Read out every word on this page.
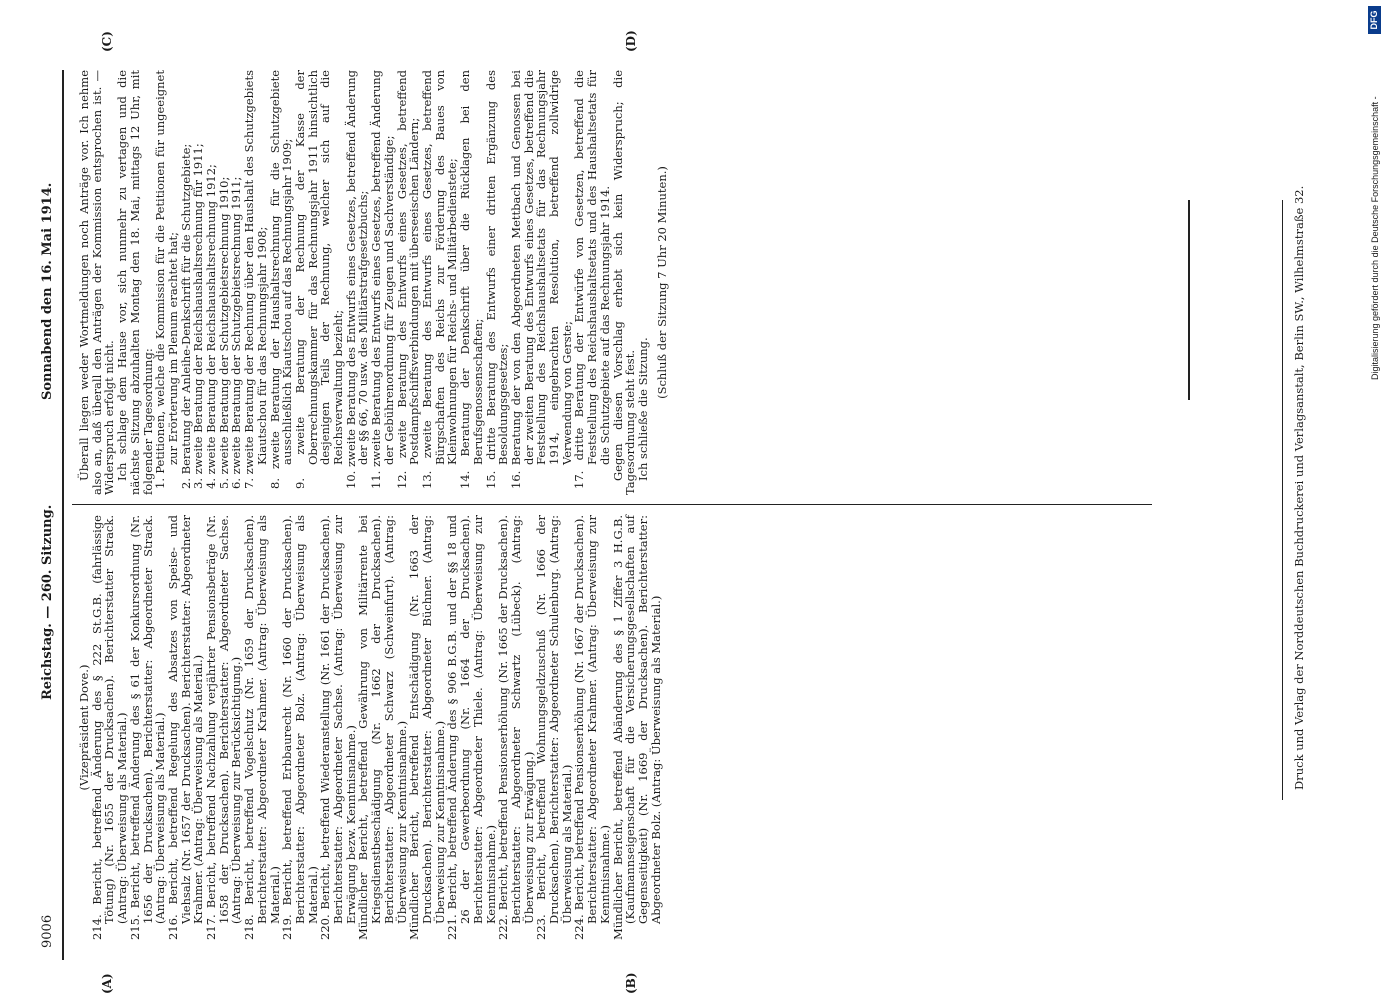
9006
Reichstag. — 260. Sitzung.
Sonnabend den 16. Mai 1914.
(A)	(B)
(C)	(D)

(Vizepräsident Dove.)

214. Bericht, betreffend Änderung des § 222 St.G.B. (fahrlässige Tötung) (Nr. 1655 der Drucksachen). Berichterstatter Strack. (Antrag: Überweisung als Material.)

215. Bericht, betreffend Änderung des § 61 der Konkursordnung (Nr. 1656 der Drucksachen). Berichterstatter: Abgeordneter Strack. (Antrag: Überweisung als Material.)

216. Bericht, betreffend Regelung des Absatzes von Speise- und Viehsalz (Nr. 1657 der Drucksachen). Berichterstatter: Abgeordneter Krahmer. (Antrag: Überweisung als Material.)

217. Bericht, betreffend Nachzahlung verjährter Pensionsbeträge (Nr. 1658 der Drucksachen). Berichterstatter: Abgeordneter Sachse. (Antrag: Überweisung zur Berücksichtigung.)

218. Bericht, betreffend Vogelschutz (Nr. 1659 der Drucksachen). Berichterstatter: Abgeordneter Krahmer. (Antrag: Überweisung als Material.)

219. Bericht, betreffend Erbbaurecht (Nr. 1660 der Drucksachen). Berichterstatter: Abgeordneter Bolz. (Antrag: Überweisung als Material.)

220. Bericht, betreffend Wiederanstellung (Nr. 1661 der Drucksachen). Berichterstatter: Abgeordneter Sachse. (Antrag: Überweisung zur Erwägung bezw. Kenntnisnahme.)

Mündlicher Bericht, betreffend Gewährung von Militärrente bei Kriegsdienstbeschädigung (Nr. 1662 der Drucksachen). Berichterstatter: Abgeordneter Schwarz (Schweinfurt). (Antrag: Überweisung zur Kenntnisnahme.)

Mündlicher Bericht, betreffend Entschädigung (Nr. 1663 der Drucksachen). Berichterstatter: Abgeordneter Büchner. (Antrag: Überweisung zur Kenntnisnahme.)

221. Bericht, betreffend Änderung des § 906 B.G.B. und der §§ 18 und 26 der Gewerbeordnung (Nr. 1664 der Drucksachen). Berichterstatter: Abgeordneter Thiele. (Antrag: Überweisung zur Kenntnisnahme.)

222. Bericht, betreffend Pensionserhöhung (Nr. 1665 der Drucksachen). Berichterstatter: Abgeordneter Schwartz (Lübeck). (Antrag: Überweisung zur Erwägung.)

223. Bericht, betreffend Wohnungsgeldzuschuß (Nr. 1666 der Drucksachen). Berichterstatter: Abgeordneter Schulenburg. (Antrag: Überweisung als Material.)

224. Bericht, betreffend Pensionserhöhung (Nr. 1667 der Drucksachen). Berichterstatter: Abgeordneter Krahmer. (Antrag: Überweisung zur Kenntnisnahme.)

Mündlicher Bericht, betreffend Abänderung des § 1 Ziffer 3 H.G.B. (Kaufmannseigenschaft für die Versicherungsgesellschaften auf Gegenseitigkeit) (Nr. 1669 der Drucksachen). Berichterstatter: Abgeordneter Bolz. (Antrag: Überweisung als Material.)

Überall liegen weder Wortmeldungen noch Anträge vor. Ich nehme also an, daß überall den Anträgen der Kommission entsprochen ist. — Widerspruch erfolgt nicht.

Ich schlage dem Hause vor, sich nunmehr zu vertagen und die nächste Sitzung abzuhalten Montag den 18. Mai, mittags 12 Uhr, mit folgender Tagesordnung:

1. Petitionen, welche die Kommission für die Petitionen für ungeeignet zur Erörterung im Plenum erachtet hat;

2. Beratung der Anleihe-Denkschrift für die Schutzgebiete;

3. zweite Beratung der Reichshaushaltsrechnung für 1911;

4. zweite Beratung der Reichshaushaltsrechnung 1912;

5. zweite Beratung der Schutzgebietsrechnung 1910;

6. zweite Beratung der Schutzgebietsrechnung 1911;

7. zweite Beratung der Rechnung über den Haushalt des Schutzgebiets Kiautschou für das Rechnungsjahr 1908;

8. zweite Beratung der Haushaltsrechnung für die Schutzgebiete ausschließlich Kiautschou auf das Rechnungsjahr 1909;

9. zweite Beratung der Rechnung der Kasse der Oberrechnungskammer für das Rechnungsjahr 1911 hinsichtlich desjenigen Teils der Rechnung, welcher sich auf die Reichsverwaltung bezieht;

10. zweite Beratung des Entwurfs eines Gesetzes, betreffend Änderung der §§ 66, 70 usw. des Militärstrafgesetzbuchs;

11. zweite Beratung des Entwurfs eines Gesetzes, betreffend Änderung der Gebührenordnung für Zeugen und Sachverständige;

12. zweite Beratung des Entwurfs eines Gesetzes, betreffend Postdampfschiffsverbindungen mit überseeischen Ländern;

13. zweite Beratung des Entwurfs eines Gesetzes, betreffend Bürgschaften des Reichs zur Förderung des Baues von Kleinwohnungen für Reichs- und Militärbedienstete;

14. Beratung der Denkschrift über die Rücklagen bei den Berufsgenossenschaften;

15. dritte Beratung des Entwurfs einer dritten Ergänzung des Besoldungsgesetzes;

16. Beratung der von den Abgeordneten Mettbach und Genossen bei der zweiten Beratung des Entwurfs eines Gesetzes, betreffend die Feststellung des Reichshaushaltsetats für das Rechnungsjahr 1914, eingebrachten Resolution, betreffend zollwidrige Verwendung von Gerste;

17. dritte Beratung der Entwürfe von Gesetzen, betreffend die Feststellung des Reichshaushaltsetats und des Haushaltsetats für die Schutzgebiete auf das Rechnungsjahr 1914.

Gegen diesen Vorschlag erhebt sich kein Widerspruch; die Tagesordnung steht fest.

Ich schließe die Sitzung.

(Schluß der Sitzung 7 Uhr 20 Minuten.)	Druck und Verlag der Norddeutschen Buchdruckerei und Verlagsanstalt, Berlin SW., Wilhelmstraße 32.	Digitalisierung gefördert durch die Deutsche Forschungsgemeinschaft -
DFG
